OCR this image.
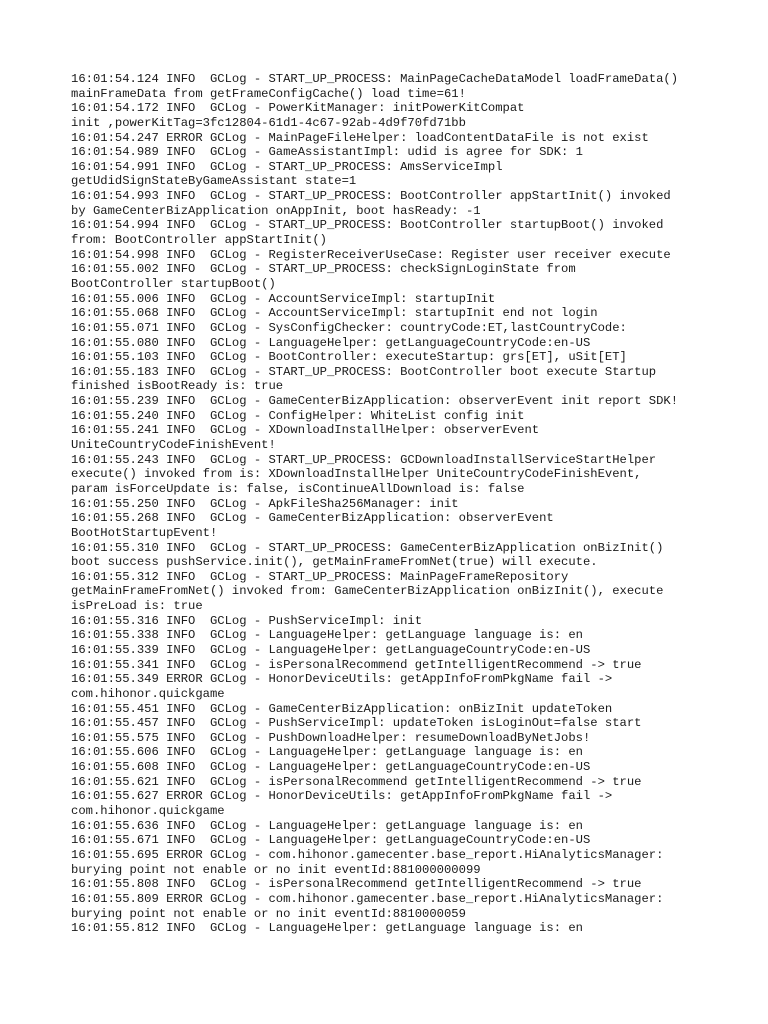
16:01:54.124 INFO  GCLog - START_UP_PROCESS: MainPageCacheDataModel loadFrameData()
mainFrameData from getFrameConfigCache() load time=61!
16:01:54.172 INFO  GCLog - PowerKitManager: initPowerKitCompat
init ,powerKitTag=3fc12804-61d1-4c67-92ab-4d9f70fd71bb
16:01:54.247 ERROR GCLog - MainPageFileHelper: loadContentDataFile is not exist
16:01:54.989 INFO  GCLog - GameAssistantImpl: udid is agree for SDK: 1
16:01:54.991 INFO  GCLog - START_UP_PROCESS: AmsServiceImpl
getUdidSignStateByGameAssistant state=1
16:01:54.993 INFO  GCLog - START_UP_PROCESS: BootController appStartInit() invoked
by GameCenterBizApplication onAppInit, boot hasReady: -1
16:01:54.994 INFO  GCLog - START_UP_PROCESS: BootController startupBoot() invoked
from: BootController appStartInit()
16:01:54.998 INFO  GCLog - RegisterReceiverUseCase: Register user receiver execute
16:01:55.002 INFO  GCLog - START_UP_PROCESS: checkSignLoginState from
BootController startupBoot()
16:01:55.006 INFO  GCLog - AccountServiceImpl: startupInit
16:01:55.068 INFO  GCLog - AccountServiceImpl: startupInit end not login
16:01:55.071 INFO  GCLog - SysConfigChecker: countryCode:ET,lastCountryCode:
16:01:55.080 INFO  GCLog - LanguageHelper: getLanguageCountryCode:en-US
16:01:55.103 INFO  GCLog - BootController: executeStartup: grs[ET], uSit[ET]
16:01:55.183 INFO  GCLog - START_UP_PROCESS: BootController boot execute Startup
finished isBootReady is: true
16:01:55.239 INFO  GCLog - GameCenterBizApplication: observerEvent init report SDK!
16:01:55.240 INFO  GCLog - ConfigHelper: WhiteList config init
16:01:55.241 INFO  GCLog - XDownloadInstallHelper: observerEvent
UniteCountryCodeFinishEvent!
16:01:55.243 INFO  GCLog - START_UP_PROCESS: GCDownloadInstallServiceStartHelper
execute() invoked from is: XDownloadInstallHelper UniteCountryCodeFinishEvent,
param isForceUpdate is: false, isContinueAllDownload is: false
16:01:55.250 INFO  GCLog - ApkFileSha256Manager: init
16:01:55.268 INFO  GCLog - GameCenterBizApplication: observerEvent
BootHotStartupEvent!
16:01:55.310 INFO  GCLog - START_UP_PROCESS: GameCenterBizApplication onBizInit()
boot success pushService.init(), getMainFrameFromNet(true) will execute.
16:01:55.312 INFO  GCLog - START_UP_PROCESS: MainPageFrameRepository
getMainFrameFromNet() invoked from: GameCenterBizApplication onBizInit(), execute
isPreLoad is: true
16:01:55.316 INFO  GCLog - PushServiceImpl: init
16:01:55.338 INFO  GCLog - LanguageHelper: getLanguage language is: en
16:01:55.339 INFO  GCLog - LanguageHelper: getLanguageCountryCode:en-US
16:01:55.341 INFO  GCLog - isPersonalRecommend getIntelligentRecommend -> true
16:01:55.349 ERROR GCLog - HonorDeviceUtils: getAppInfoFromPkgName fail ->
com.hihonor.quickgame
16:01:55.451 INFO  GCLog - GameCenterBizApplication: onBizInit updateToken
16:01:55.457 INFO  GCLog - PushServiceImpl: updateToken isLoginOut=false start
16:01:55.575 INFO  GCLog - PushDownloadHelper: resumeDownloadByNetJobs!
16:01:55.606 INFO  GCLog - LanguageHelper: getLanguage language is: en
16:01:55.608 INFO  GCLog - LanguageHelper: getLanguageCountryCode:en-US
16:01:55.621 INFO  GCLog - isPersonalRecommend getIntelligentRecommend -> true
16:01:55.627 ERROR GCLog - HonorDeviceUtils: getAppInfoFromPkgName fail ->
com.hihonor.quickgame
16:01:55.636 INFO  GCLog - LanguageHelper: getLanguage language is: en
16:01:55.671 INFO  GCLog - LanguageHelper: getLanguageCountryCode:en-US
16:01:55.695 ERROR GCLog - com.hihonor.gamecenter.base_report.HiAnalyticsManager:
burying point not enable or no init eventId:881000000099
16:01:55.808 INFO  GCLog - isPersonalRecommend getIntelligentRecommend -> true
16:01:55.809 ERROR GCLog - com.hihonor.gamecenter.base_report.HiAnalyticsManager:
burying point not enable or no init eventId:8810000059
16:01:55.812 INFO  GCLog - LanguageHelper: getLanguage language is: en
